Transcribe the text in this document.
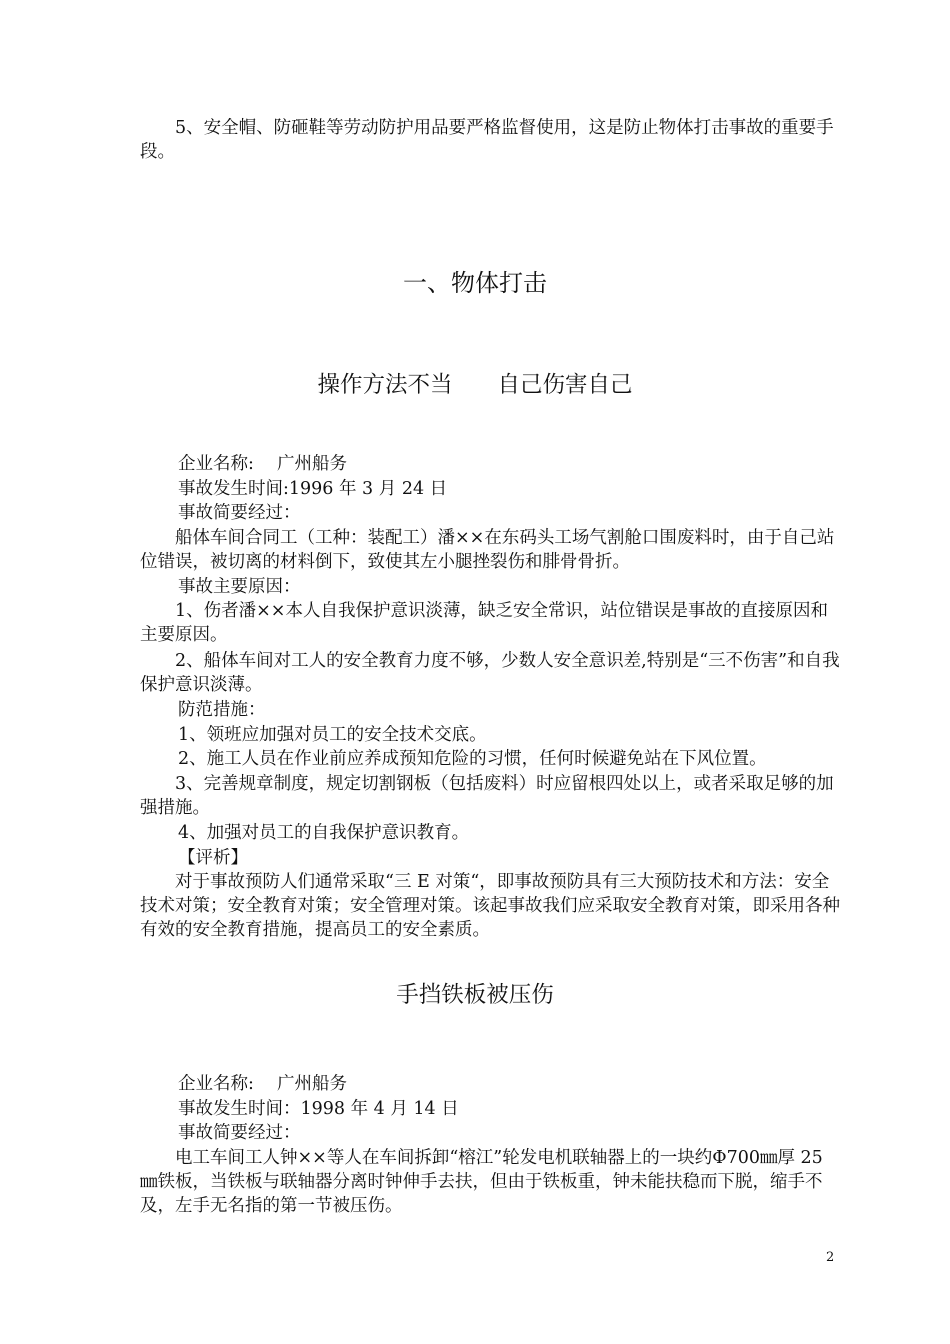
5、安全帽、防砸鞋等劳动防护用品要严格监督使用，这是防止物体打击事故的重要手段。

一、物体打击
操作方法不当　　自己伤害自己

企业名称:　 广州船务

事故发生时间:1996 年 3 月 24 日

事故简要经过：

船体车间合同工（工种：装配工）潘××在东码头工场气割舱口围废料时，由于自己站位错误，被切离的材料倒下，致使其左小腿挫裂伤和腓骨骨折。

事故主要原因：

1、伤者潘××本人自我保护意识淡薄，缺乏安全常识，站位错误是事故的直接原因和主要原因。

2、船体车间对工人的安全教育力度不够，少数人安全意识差,特别是“三不伤害”和自我保护意识淡薄。

防范措施：

1、领班应加强对员工的安全技术交底。

2、施工人员在作业前应养成预知危险的习惯，任何时候避免站在下风位置。

3、完善规章制度，规定切割钢板（包括废料）时应留根四处以上，或者采取足够的加强措施。

4、加强对员工的自我保护意识教育。

【评析】

对于事故预防人们通常采取“三 E 对策“，即事故预防具有三大预防技术和方法：安全技术对策；安全教育对策；安全管理对策。该起事故我们应采取安全教育对策，即采用各种有效的安全教育措施，提高员工的安全素质。

手挡铁板被压伤

企业名称:　 广州船务

事故发生时间：1998 年 4 月 14 日

事故简要经过：

电工车间工人钟××等人在车间拆卸“榕江”轮发电机联轴器上的一块约Φ700㎜厚 25㎜铁板，当铁板与联轴器分离时钟伸手去扶，但由于铁板重，钟未能扶稳而下脱，缩手不及，左手无名指的第一节被压伤。

2
